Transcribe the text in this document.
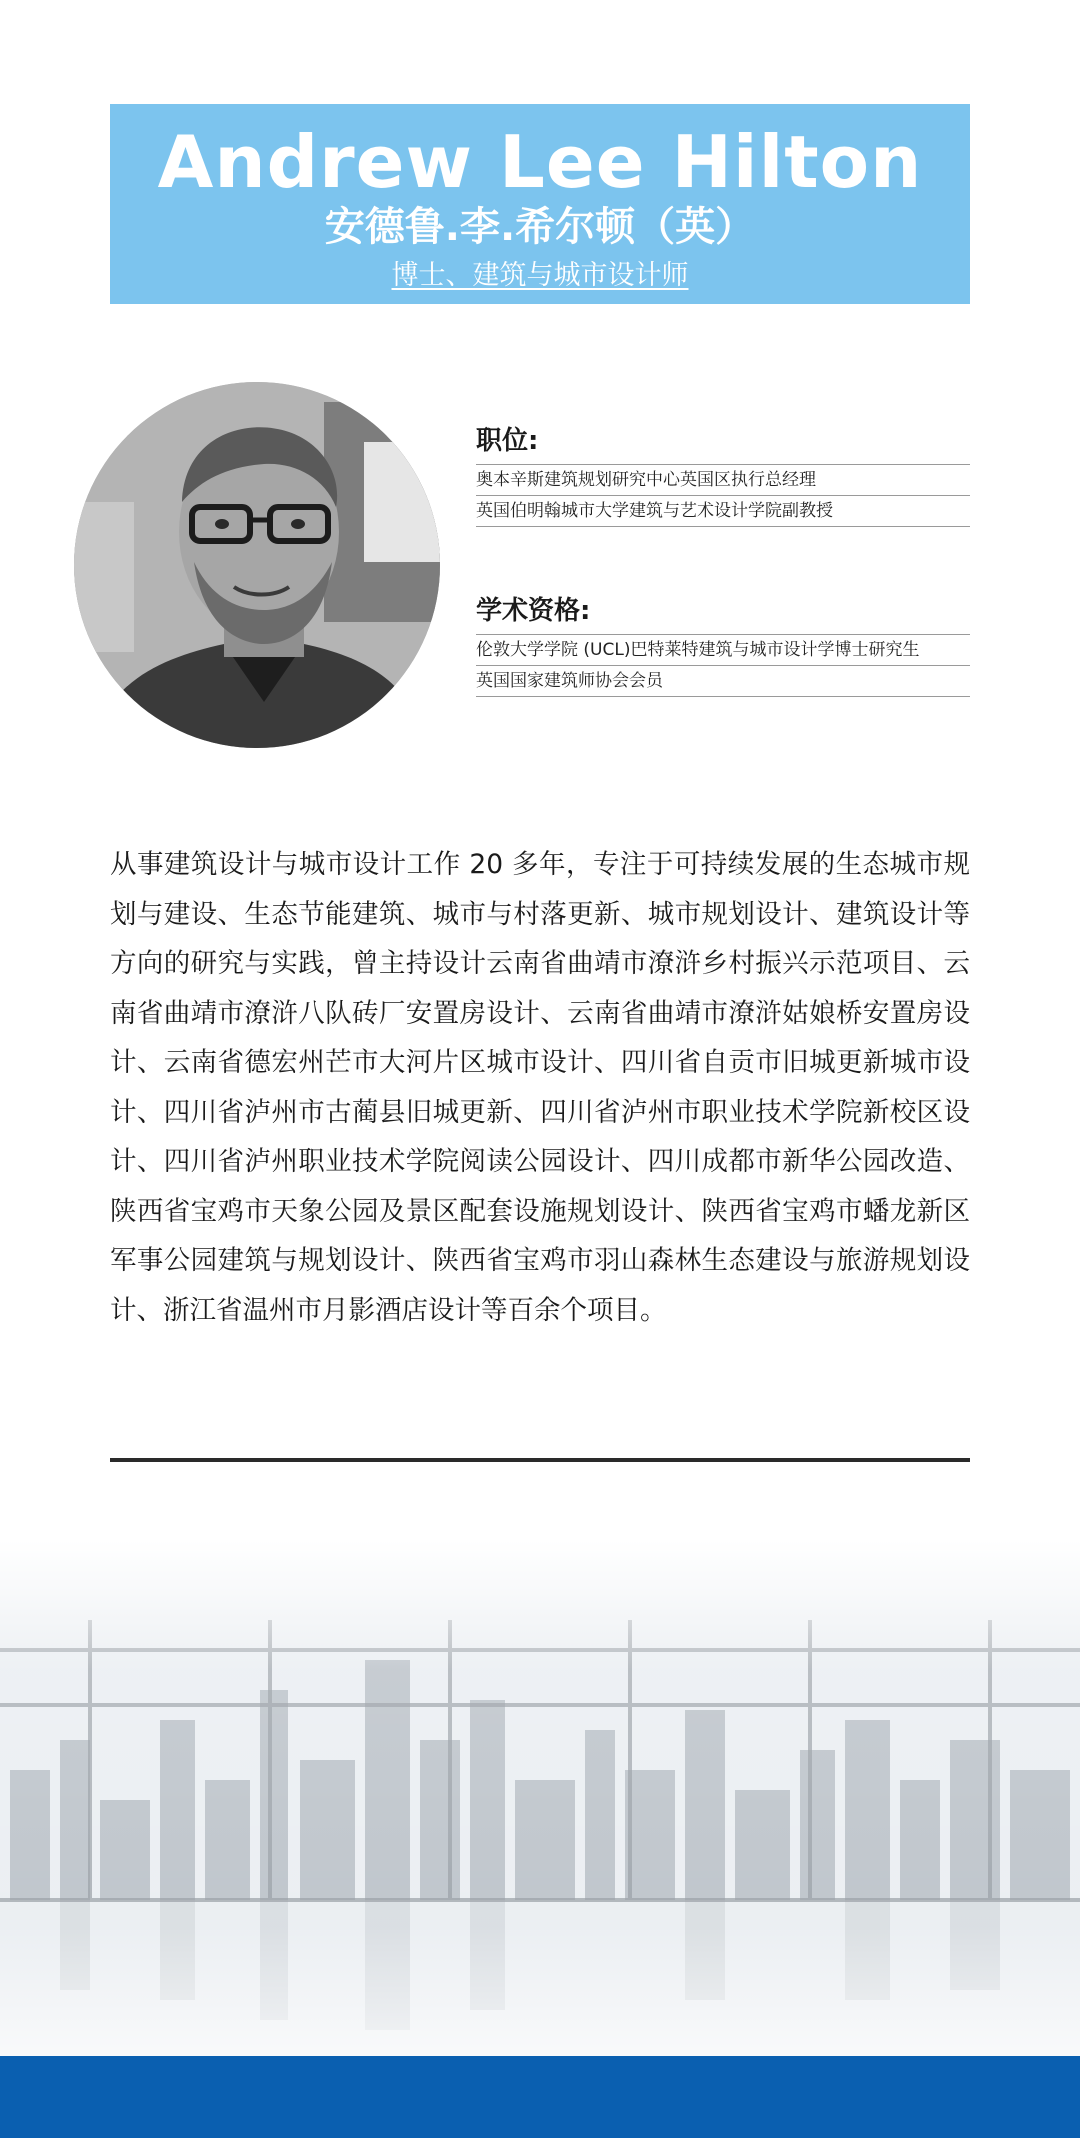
Andrew Lee Hilton
安德鲁.李.希尔顿（英）
博士、建筑与城市设计师
职位:
奥本辛斯建筑规划研究中心英国区执行总经理
英国伯明翰城市大学建筑与艺术设计学院副教授
学术资格:
伦敦大学学院 (UCL)巴特莱特建筑与城市设计学博士研究生
英国国家建筑师协会会员
从事建筑设计与城市设计工作 20 多年，专注于可持续发展的生态城市规划与建设、生态节能建筑、城市与村落更新、城市规划设计、建筑设计等方向的研究与实践，曾主持设计云南省曲靖市潦浒乡村振兴示范项目、云南省曲靖市潦浒八队砖厂安置房设计、云南省曲靖市潦浒姑娘桥安置房设计、云南省德宏州芒市大河片区城市设计、四川省自贡市旧城更新城市设计、四川省泸州市古蔺县旧城更新、四川省泸州市职业技术学院新校区设计、四川省泸州职业技术学院阅读公园设计、四川成都市新华公园改造、陕西省宝鸡市天象公园及景区配套设施规划设计、陕西省宝鸡市蟠龙新区军事公园建筑与规划设计、陕西省宝鸡市羽山森林生态建设与旅游规划设计、浙江省温州市月影酒店设计等百余个项目。
